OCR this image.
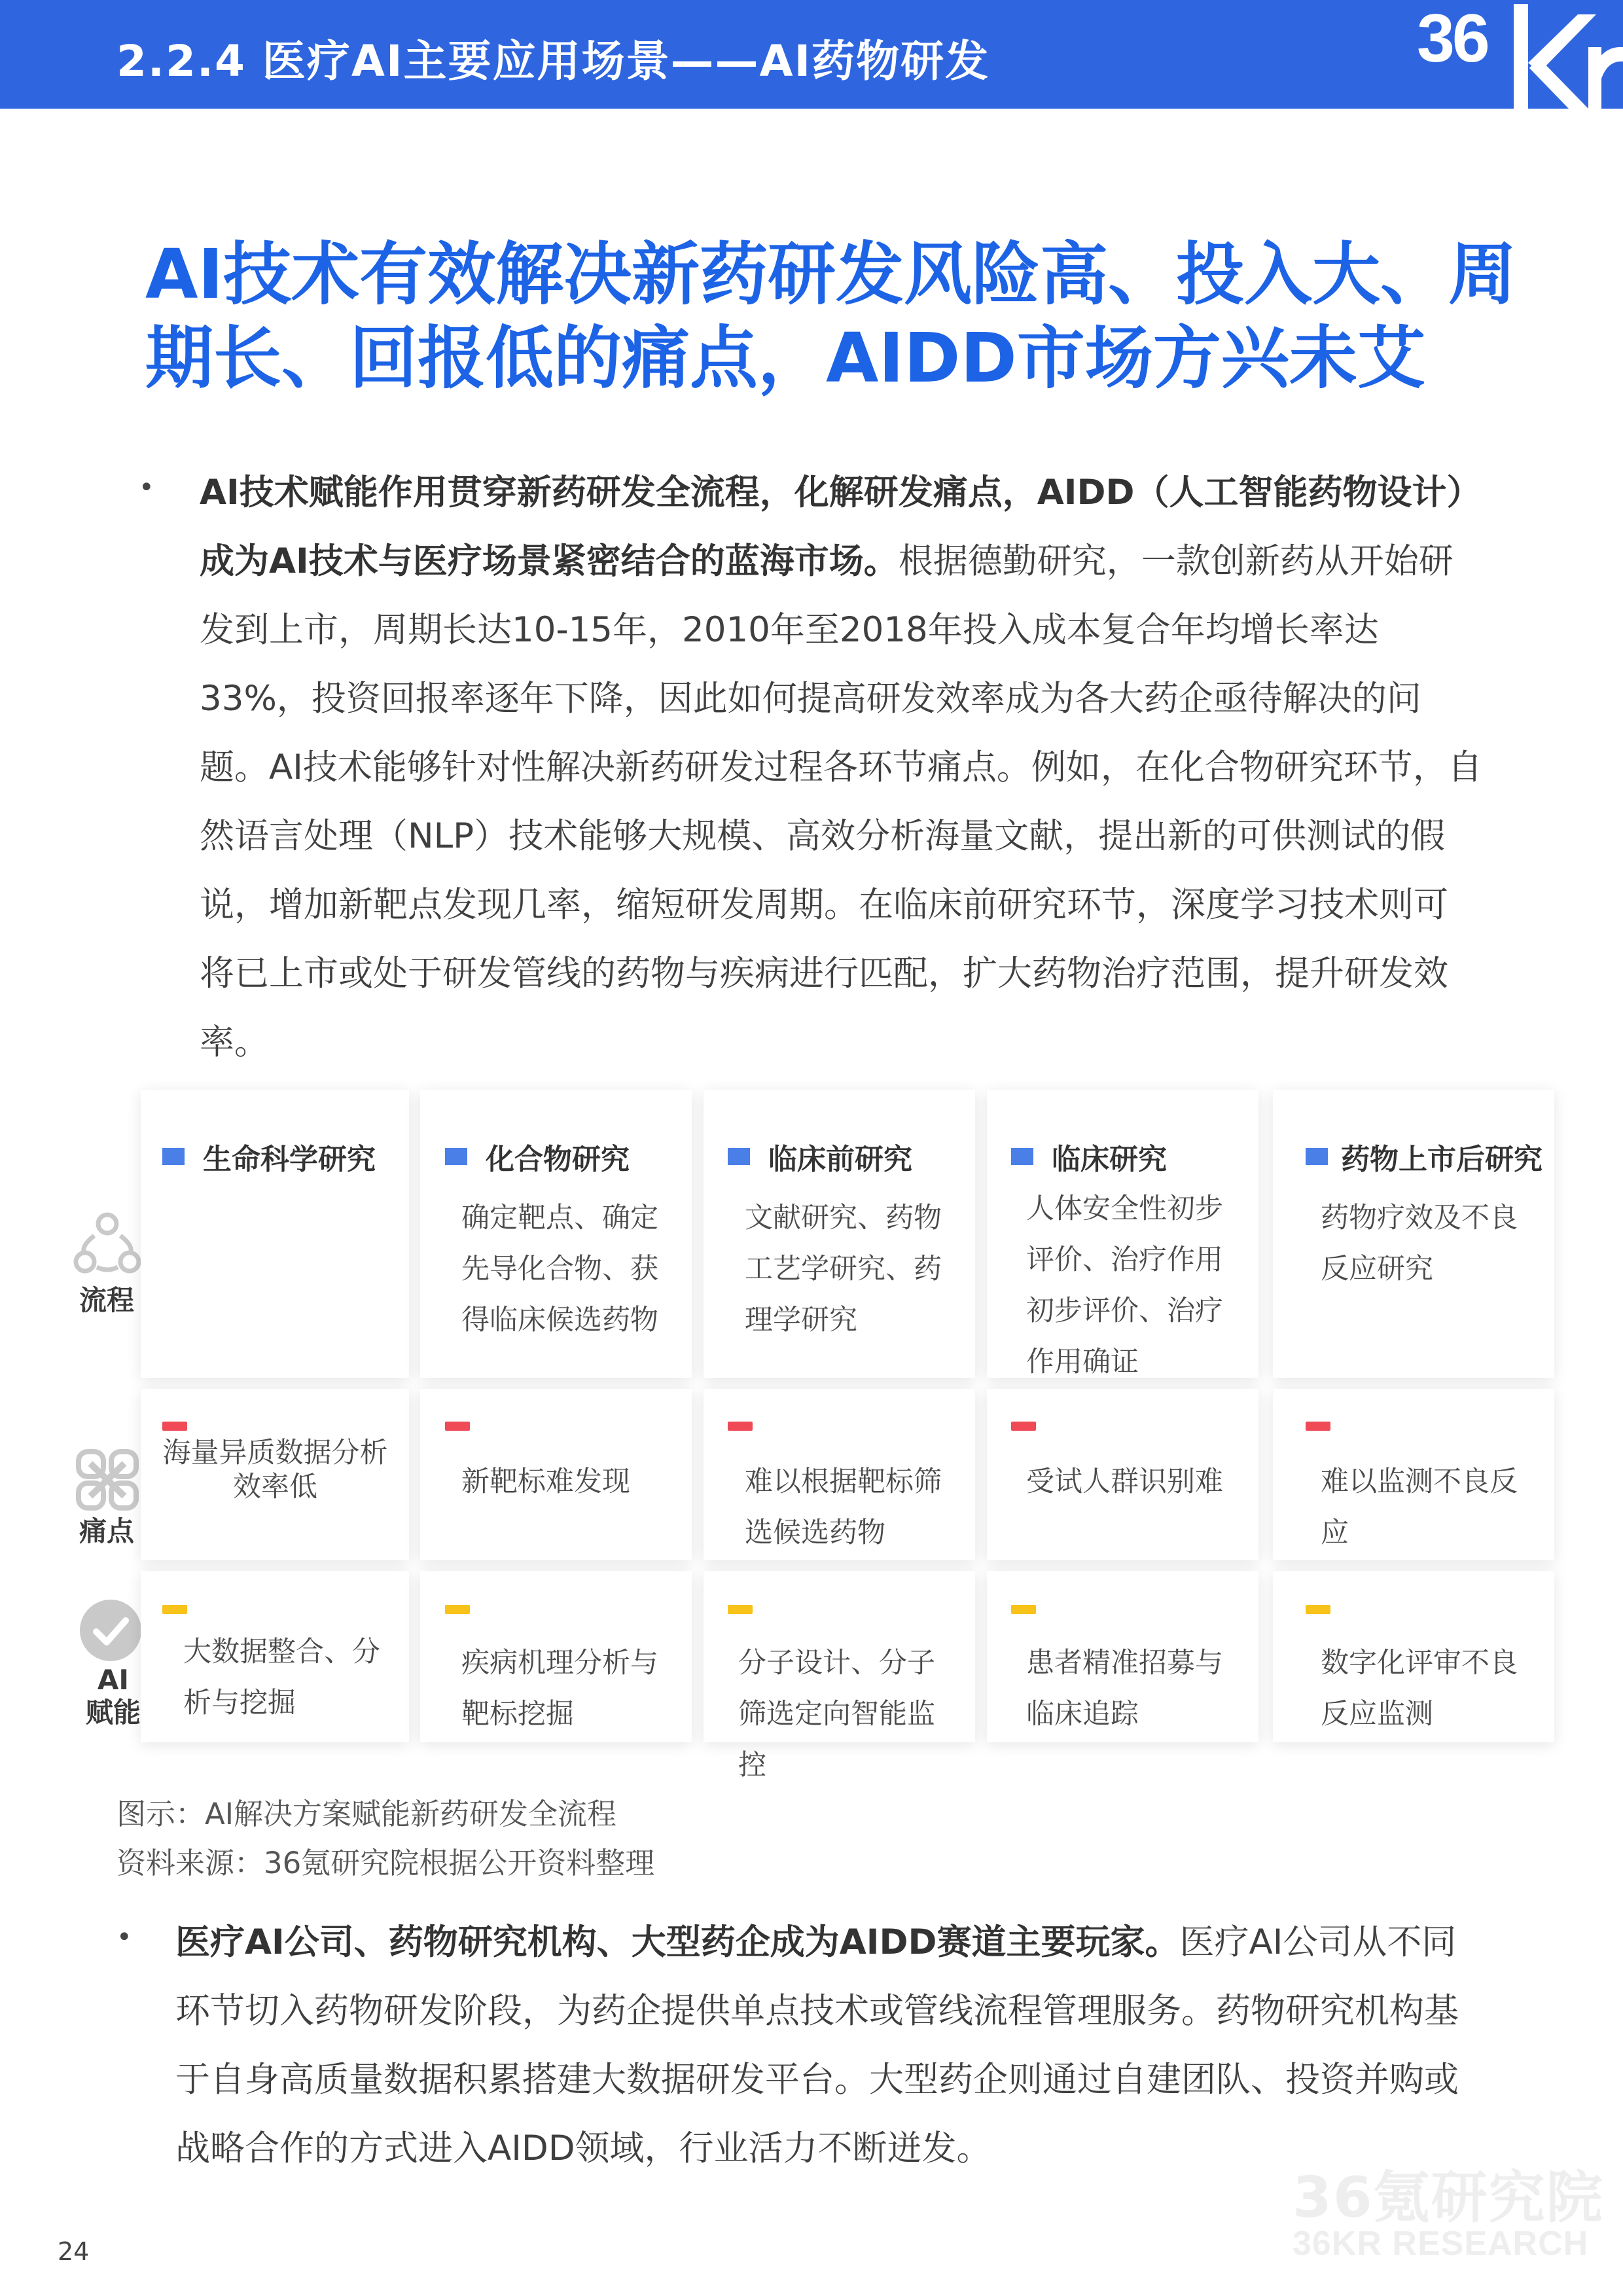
2.2.4 医疗AI主要应用场景——AI药物研发	36
AI技术有效解决新药研发风险高、投入大、周
期长、回报低的痛点，AIDD市场方兴未艾
• AI技术赋能作用贯穿新药研发全流程，化解研发痛点，AIDD（人工智能药物设计）成为AI技术与医疗场景紧密结合的蓝海市场。根据德勤研究，一款创新药从开始研发到上市，周期长达10-15年，2010年至2018年投入成本复合年均增长率达33%，投资回报率逐年下降，因此如何提高研发效率成为各大药企亟待解决的问题。AI技术能够针对性解决新药研发过程各环节痛点。例如，在化合物研究环节，自然语言处理（NLP）技术能够大规模、高效分析海量文献，提出新的可供测试的假说，增加新靶点发现几率，缩短研发周期。在临床前研究环节，深度学习技术则可将已上市或处于研发管线的药物与疾病进行匹配，扩大药物治疗范围，提升研发效率。
流程
痛点
AI
赋能
生命科学研究
海量异质数据分析效率低
大数据整合、分析与挖掘
化合物研究
确定靶点、确定先导化合物、获得临床候选药物
新靶标难发现
疾病机理分析与靶标挖掘
临床前研究
文献研究、药物工艺学研究、药理学研究
难以根据靶标筛选候选药物
分子设计、分子筛选定向智能监控
临床研究
人体安全性初步评价、治疗作用初步评价、治疗作用确证
受试人群识别难
患者精准招募与临床追踪
药物上市后研究
药物疗效及不良反应研究
难以监测不良反应
数字化评审不良反应监测
图示：AI解决方案赋能新药研发全流程
资料来源：36氪研究院根据公开资料整理
• 医疗AI公司、药物研究机构、大型药企成为AIDD赛道主要玩家。医疗AI公司从不同环节切入药物研发阶段，为药企提供单点技术或管线流程管理服务。药物研究机构基于自身高质量数据积累搭建大数据研发平台。大型药企则通过自建团队、投资并购或战略合作的方式进入AIDD领域，行业活力不断迸发。
36氪研究院
36KR RESEARCH
24
